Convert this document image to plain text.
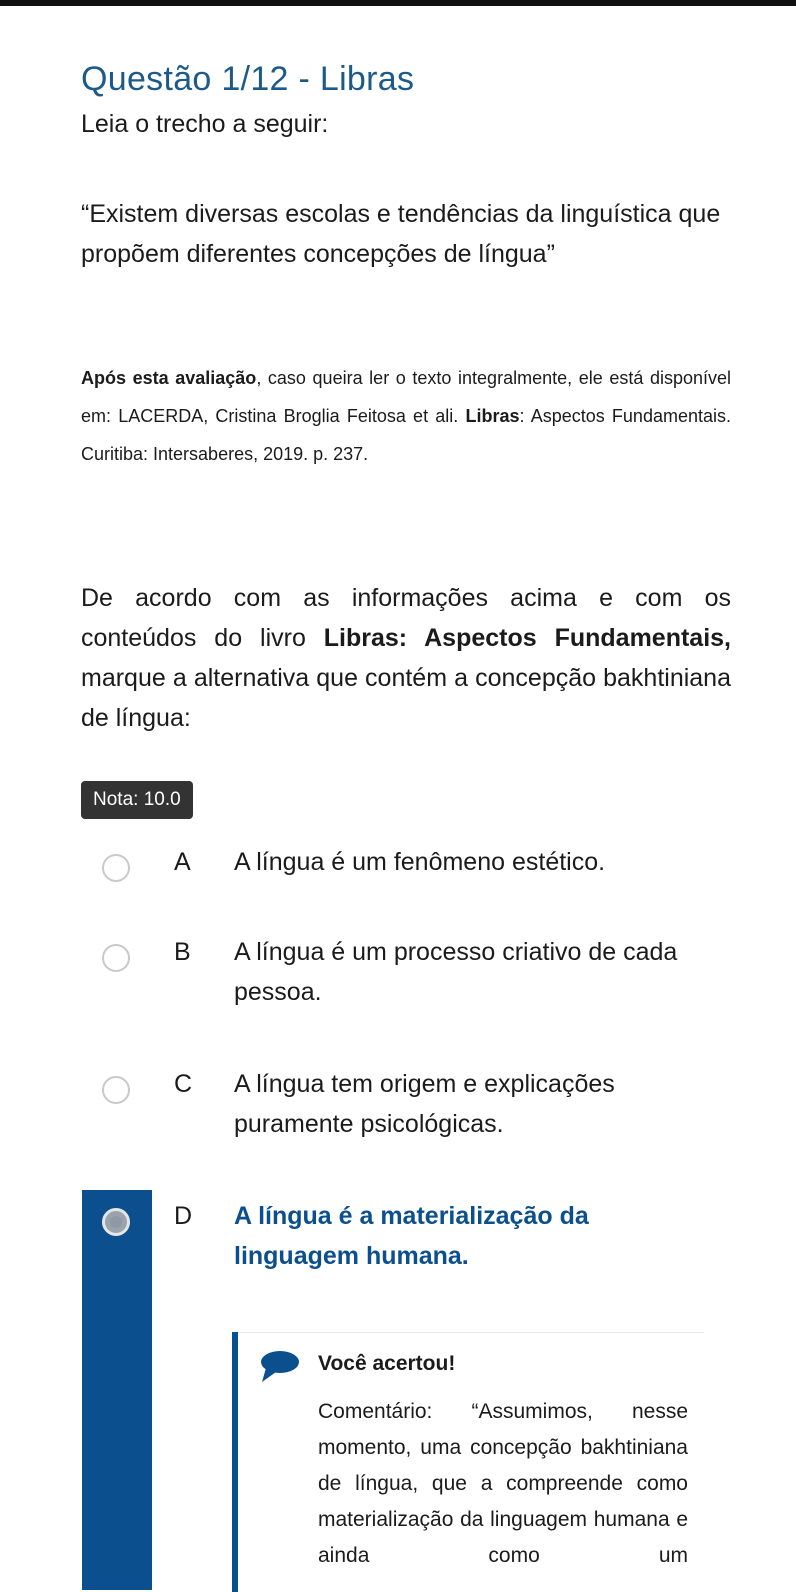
Questão 1/12 - Libras
Leia o trecho a seguir:
“Existem diversas escolas e tendências da linguística que propõem diferentes concepções de língua”
Após esta avaliação, caso queira ler o texto integralmente, ele está disponível em: LACERDA, Cristina Broglia Feitosa et ali. Libras: Aspectos Fundamentais. Curitiba: Intersaberes, 2019. p. 237.
De acordo com as informações acima e com os conteúdos do livro Libras: Aspectos Fundamentais, marque a alternativa que contém a concepção bakhtiniana de língua:
Nota: 10.0
A A língua é um fenômeno estético.
B A língua é um processo criativo de cada pessoa.
C A língua tem origem e explicações puramente psicológicas.
D A língua é a materialização da linguagem humana.
Você acertou!
Comentário: “Assumimos, nesse momento, uma concepção bakhtiniana de língua, que a compreende como materialização da linguagem humana e ainda como um
